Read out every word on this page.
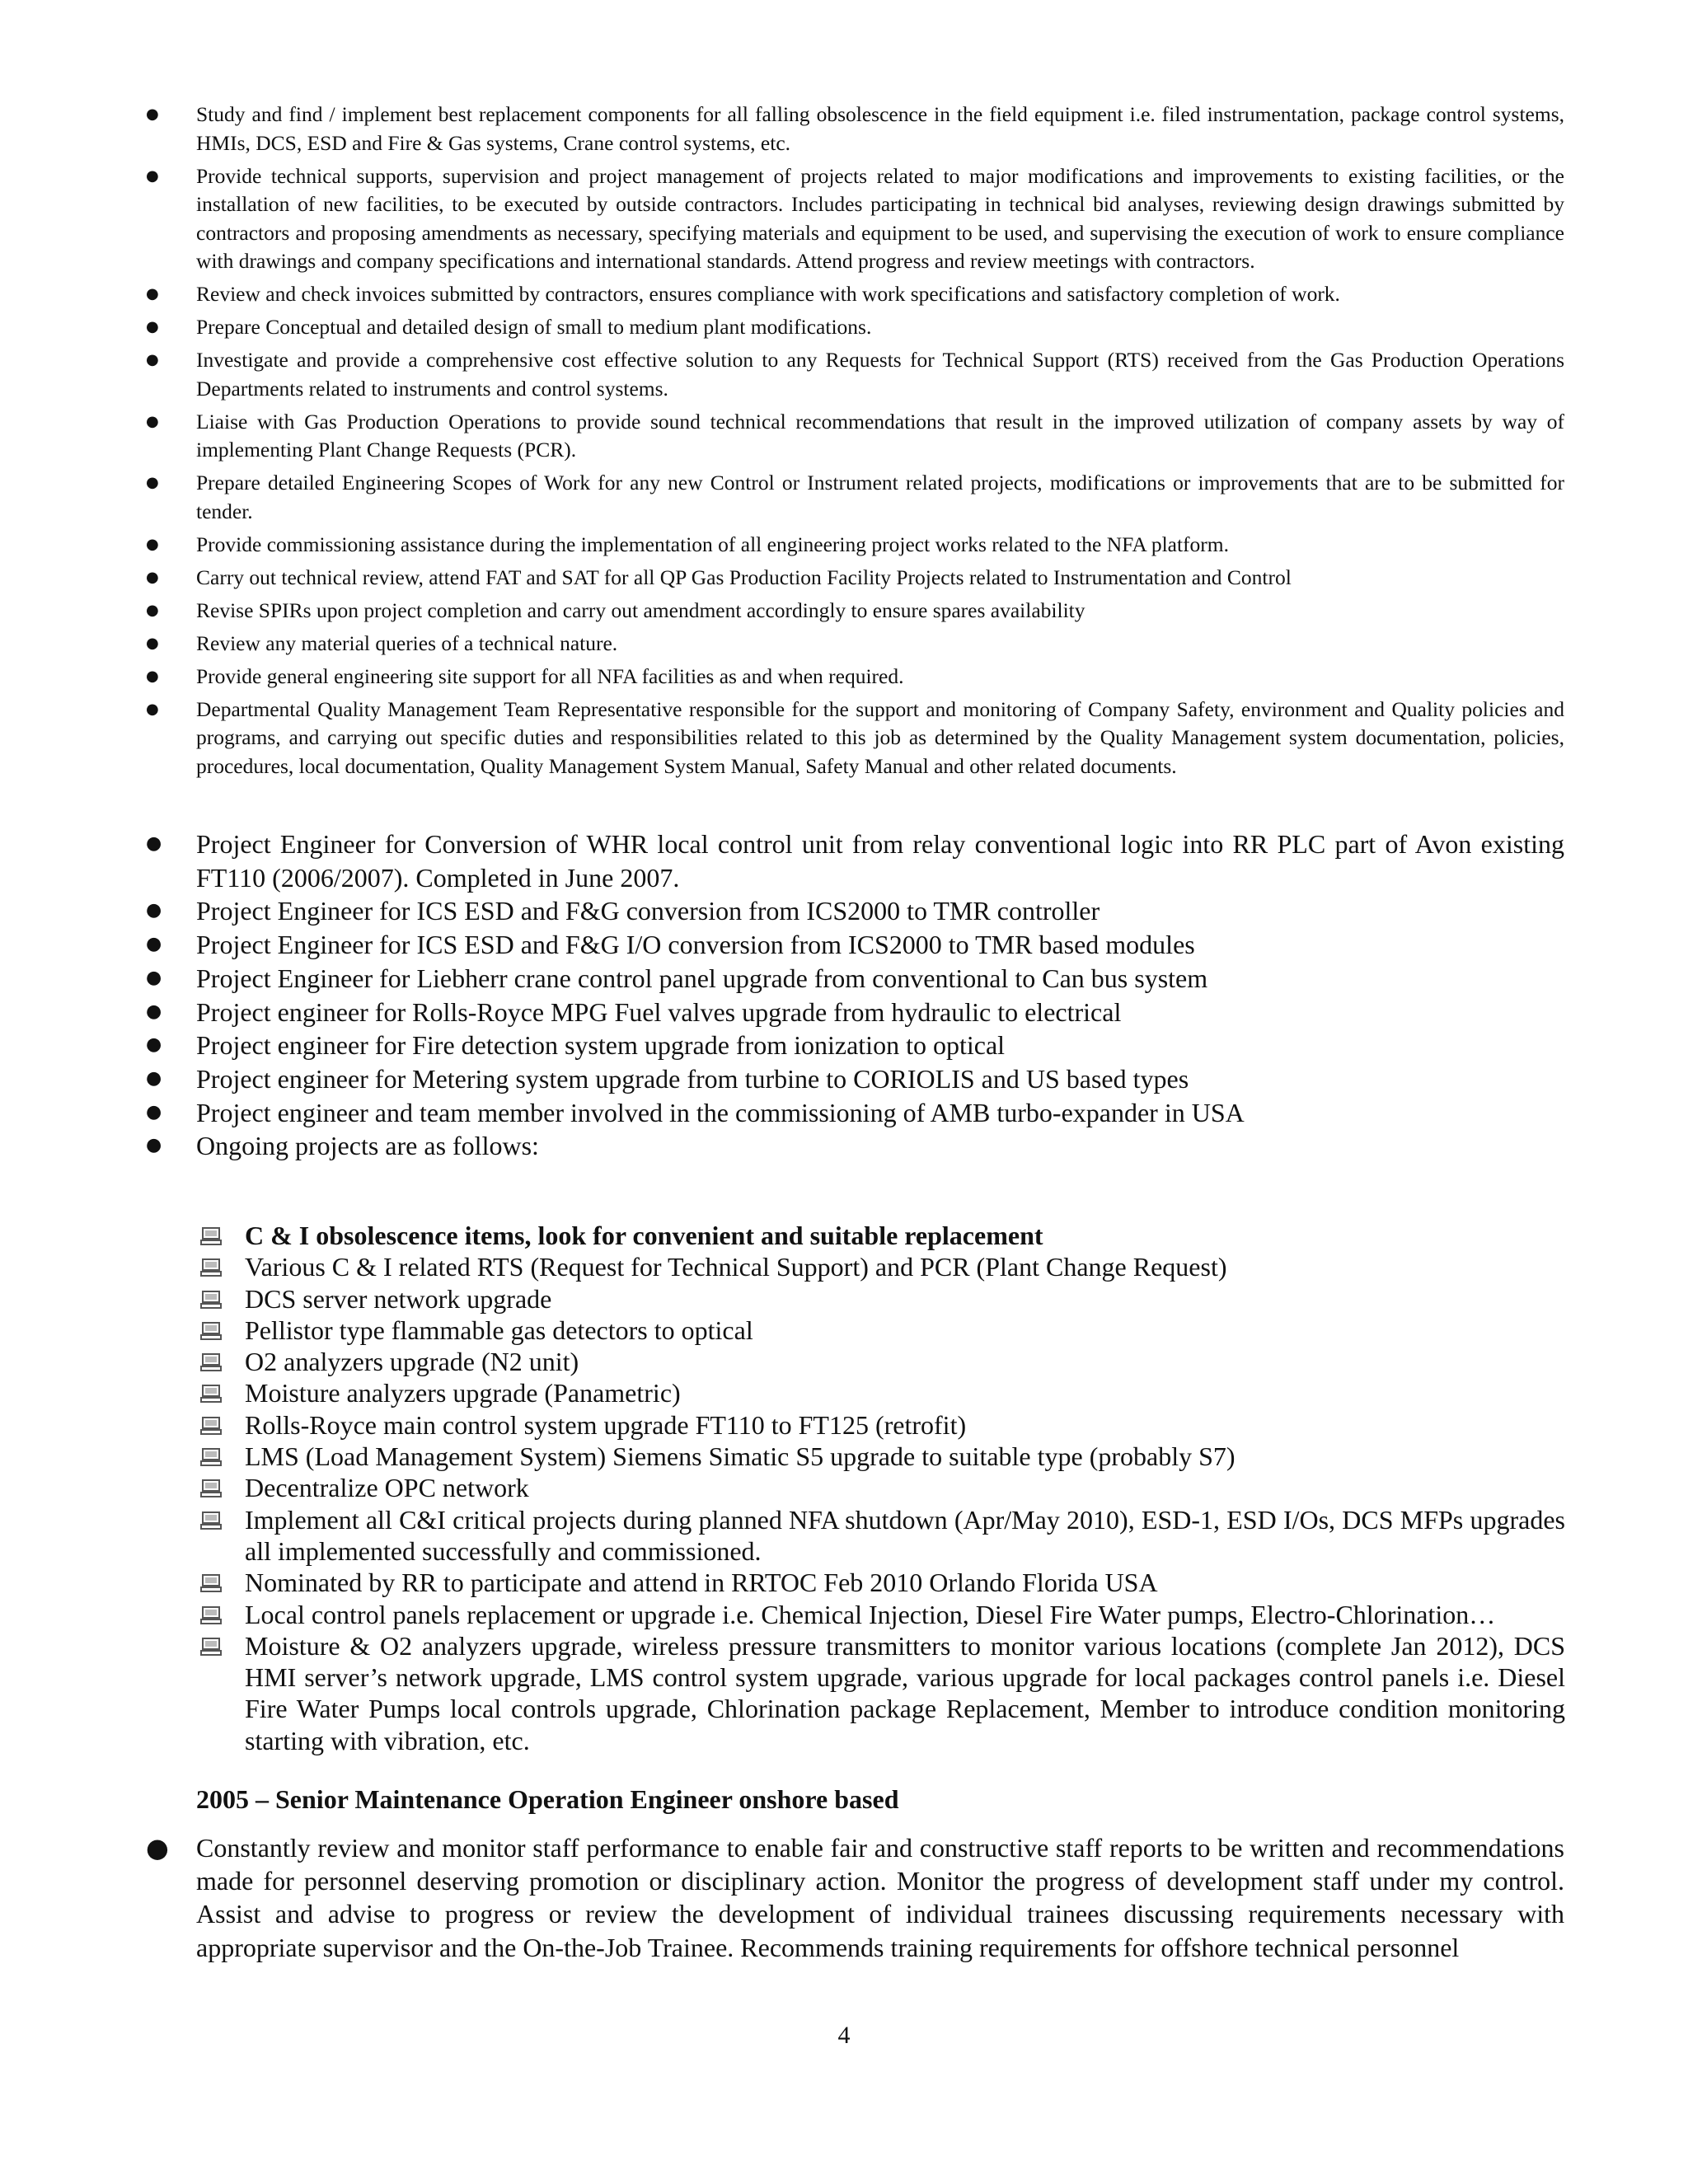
● Study and find / implement best replacement components for all falling obsolescence in the field equipment i.e. filed instrumentation, package control systems, HMIs, DCS, ESD and Fire & Gas systems, Crane control systems, etc.
● Provide technical supports, supervision and project management of projects related to major modifications and improvements to existing facilities, or the installation of new facilities, to be executed by outside contractors. Includes participating in technical bid analyses, reviewing design drawings submitted by contractors and proposing amendments as necessary, specifying materials and equipment to be used, and supervising the execution of work to ensure compliance with drawings and company specifications and international standards. Attend progress and review meetings with contractors.
● Review and check invoices submitted by contractors, ensures compliance with work specifications and satisfactory completion of work.
● Prepare Conceptual and detailed design of small to medium plant modifications.
● Investigate and provide a comprehensive cost effective solution to any Requests for Technical Support (RTS) received from the Gas Production Operations Departments related to instruments and control systems.
● Liaise with Gas Production Operations to provide sound technical recommendations that result in the improved utilization of company assets by way of implementing Plant Change Requests (PCR).
● Prepare detailed Engineering Scopes of Work for any new Control or Instrument related projects, modifications or improvements that are to be submitted for tender.
● Provide commissioning assistance during the implementation of all engineering project works related to the NFA platform.
● Carry out technical review, attend FAT and SAT for all QP Gas Production Facility Projects related to Instrumentation and Control
● Revise SPIRs upon project completion and carry out amendment accordingly to ensure spares availability
● Review any material queries of a technical nature.
● Provide general engineering site support for all NFA facilities as and when required.
● Departmental Quality Management Team Representative responsible for the support and monitoring of Company Safety, environment and Quality policies and programs, and carrying out specific duties and responsibilities related to this job as determined by the Quality Management system documentation, policies, procedures, local documentation, Quality Management System Manual, Safety Manual and other related documents.
● Project Engineer for Conversion of WHR local control unit from relay conventional logic into RR PLC part of Avon existing FT110 (2006/2007). Completed in June 2007.
● Project Engineer for ICS ESD and F&G conversion from ICS2000 to TMR controller
● Project Engineer for ICS ESD and F&G I/O conversion from ICS2000 to TMR based modules
● Project Engineer for Liebherr crane control panel upgrade from conventional to Can bus system
● Project engineer for Rolls-Royce MPG Fuel valves upgrade from hydraulic to electrical
● Project engineer for Fire detection system upgrade from ionization to optical
● Project engineer for Metering system upgrade from turbine to CORIOLIS and US based types
● Project engineer and team member involved in the commissioning of AMB turbo-expander in USA
● Ongoing projects are as follows:
C & I obsolescence items, look for convenient and suitable replacement
Various C & I related RTS (Request for Technical Support) and PCR (Plant Change Request)
DCS server network upgrade
Pellistor type flammable gas detectors to optical
O2 analyzers upgrade (N2 unit)
Moisture analyzers upgrade (Panametric)
Rolls-Royce main control system upgrade FT110 to FT125 (retrofit)
LMS (Load Management System) Siemens Simatic S5 upgrade to suitable type (probably S7)
Decentralize OPC network
Implement all C&I critical projects during planned NFA shutdown (Apr/May 2010), ESD-1, ESD I/Os, DCS MFPs upgrades all implemented successfully and commissioned.
Nominated by RR to participate and attend in RRTOC Feb 2010 Orlando Florida USA
Local control panels replacement or upgrade i.e. Chemical Injection, Diesel Fire Water pumps, Electro-Chlorination…
Moisture & O2 analyzers upgrade, wireless pressure transmitters to monitor various locations (complete Jan 2012), DCS HMI server’s network upgrade, LMS control system upgrade, various upgrade for local packages control panels i.e. Diesel Fire Water Pumps local controls upgrade, Chlorination package Replacement, Member to introduce condition monitoring starting with vibration, etc.
2005 – Senior Maintenance Operation Engineer onshore based
● Constantly review and monitor staff performance to enable fair and constructive staff reports to be written and recommendations made for personnel deserving promotion or disciplinary action. Monitor the progress of development staff under my control. Assist and advise to progress or review the development of individual trainees discussing requirements necessary with appropriate supervisor and the On-the-Job Trainee. Recommends training requirements for offshore technical personnel
4
